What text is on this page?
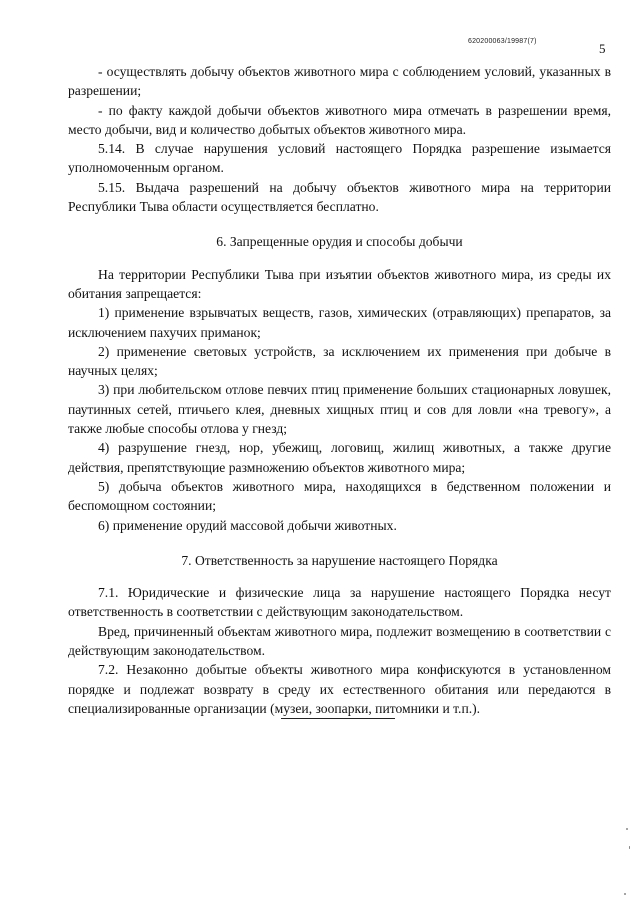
620200063/19987(7)	5

- осуществлять добычу объектов животного мира с соблюдением условий, указанных в разрешении;

- по факту каждой добычи объектов животного мира отмечать в разрешении время, место добычи, вид и количество добытых объектов животного мира.

5.14. В случае нарушения условий настоящего Порядка разрешение изымается уполномоченным органом.

5.15. Выдача разрешений на добычу объектов животного мира на территории Республики Тыва области осуществляется бесплатно.

6. Запрещенные орудия и способы добычи

На территории Республики Тыва при изъятии объектов животного мира, из среды их обитания запрещается:

1) применение взрывчатых веществ, газов, химических (отравляющих) препаратов, за исключением пахучих приманок;

2) применение световых устройств, за исключением их применения при добыче в научных целях;

3) при любительском отлове певчих птиц применение больших стационарных ловушек, паутинных сетей, птичьего клея, дневных хищных птиц и сов для ловли «на тревогу», а также любые способы отлова у гнезд;

4) разрушение гнезд, нор, убежищ, логовищ, жилищ животных, а также другие действия, препятствующие размножению объектов животного мира;

5) добыча объектов животного мира, находящихся в бедственном положении и беспомощном состоянии;

6) применение орудий массовой добычи животных.

7. Ответственность за нарушение настоящего Порядка

7.1. Юридические и физические лица за нарушение настоящего Порядка несут ответственность в соответствии с действующим законодательством.

Вред, причиненный объектам животного мира, подлежит возмещению в соответствии с действующим законодательством.

7.2. Незаконно добытые объекты животного мира конфискуются в установленном порядке и подлежат возврату в среду их естественного обитания или передаются в специализированные организации (музеи, зоопарки, питомники и т.п.).
